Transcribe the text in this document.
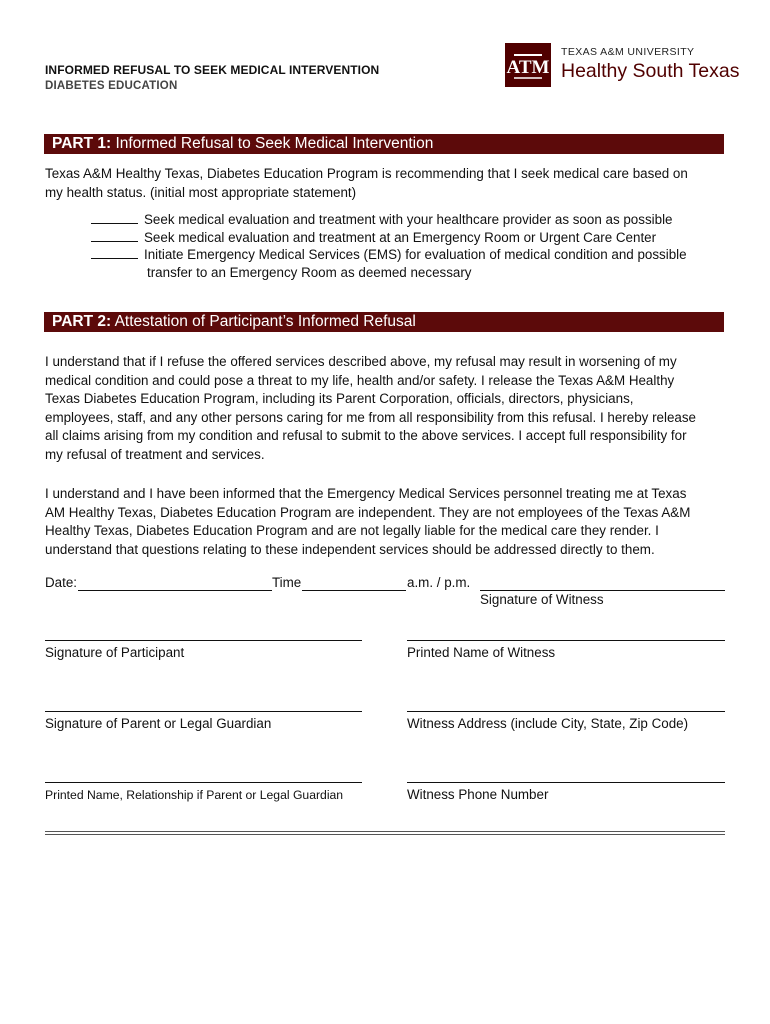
INFORMED REFUSAL TO SEEK MEDICAL INTERVENTION
DIABETES EDUCATION
ATM
TEXAS A&M UNIVERSITY
Healthy South Texas
PART 1: Informed Refusal to Seek Medical Intervention
Texas A&M Healthy Texas, Diabetes Education Program is recommending that I seek medical care based on
my health status. (initial most appropriate statement)
Seek medical evaluation and treatment with your healthcare provider as soon as possible
Seek medical evaluation and treatment at an Emergency Room or Urgent Care Center
Initiate Emergency Medical Services (EMS) for evaluation of medical condition and possible
transfer to an Emergency Room as deemed necessary
PART 2: Attestation of Participant’s Informed Refusal
I understand that if I refuse the offered services described above, my refusal may result in worsening of my
medical condition and could pose a threat to my life, health and/or safety. I release the Texas A&M Healthy
Texas Diabetes Education Program, including its Parent Corporation, officials, directors, physicians,
employees, staff, and any other persons caring for me from all responsibility from this refusal. I hereby release
all claims arising from my condition and refusal to submit to the above services. I accept full responsibility for
my refusal of treatment and services.
I understand and I have been informed that the Emergency Medical Services personnel treating me at Texas
AM Healthy Texas, Diabetes Education Program are independent. They are not employees of the Texas A&M
Healthy Texas, Diabetes Education Program and are not legally liable for the medical care they render. I
understand that questions relating to these independent services should be addressed directly to them.
Date:	Time	a.m. / p.m.
Signature of Witness
Signature of Participant	Printed Name of Witness
Signature of Parent or Legal Guardian	Witness Address (include City, State, Zip Code)
Printed Name, Relationship if Parent or Legal Guardian	Witness Phone Number
